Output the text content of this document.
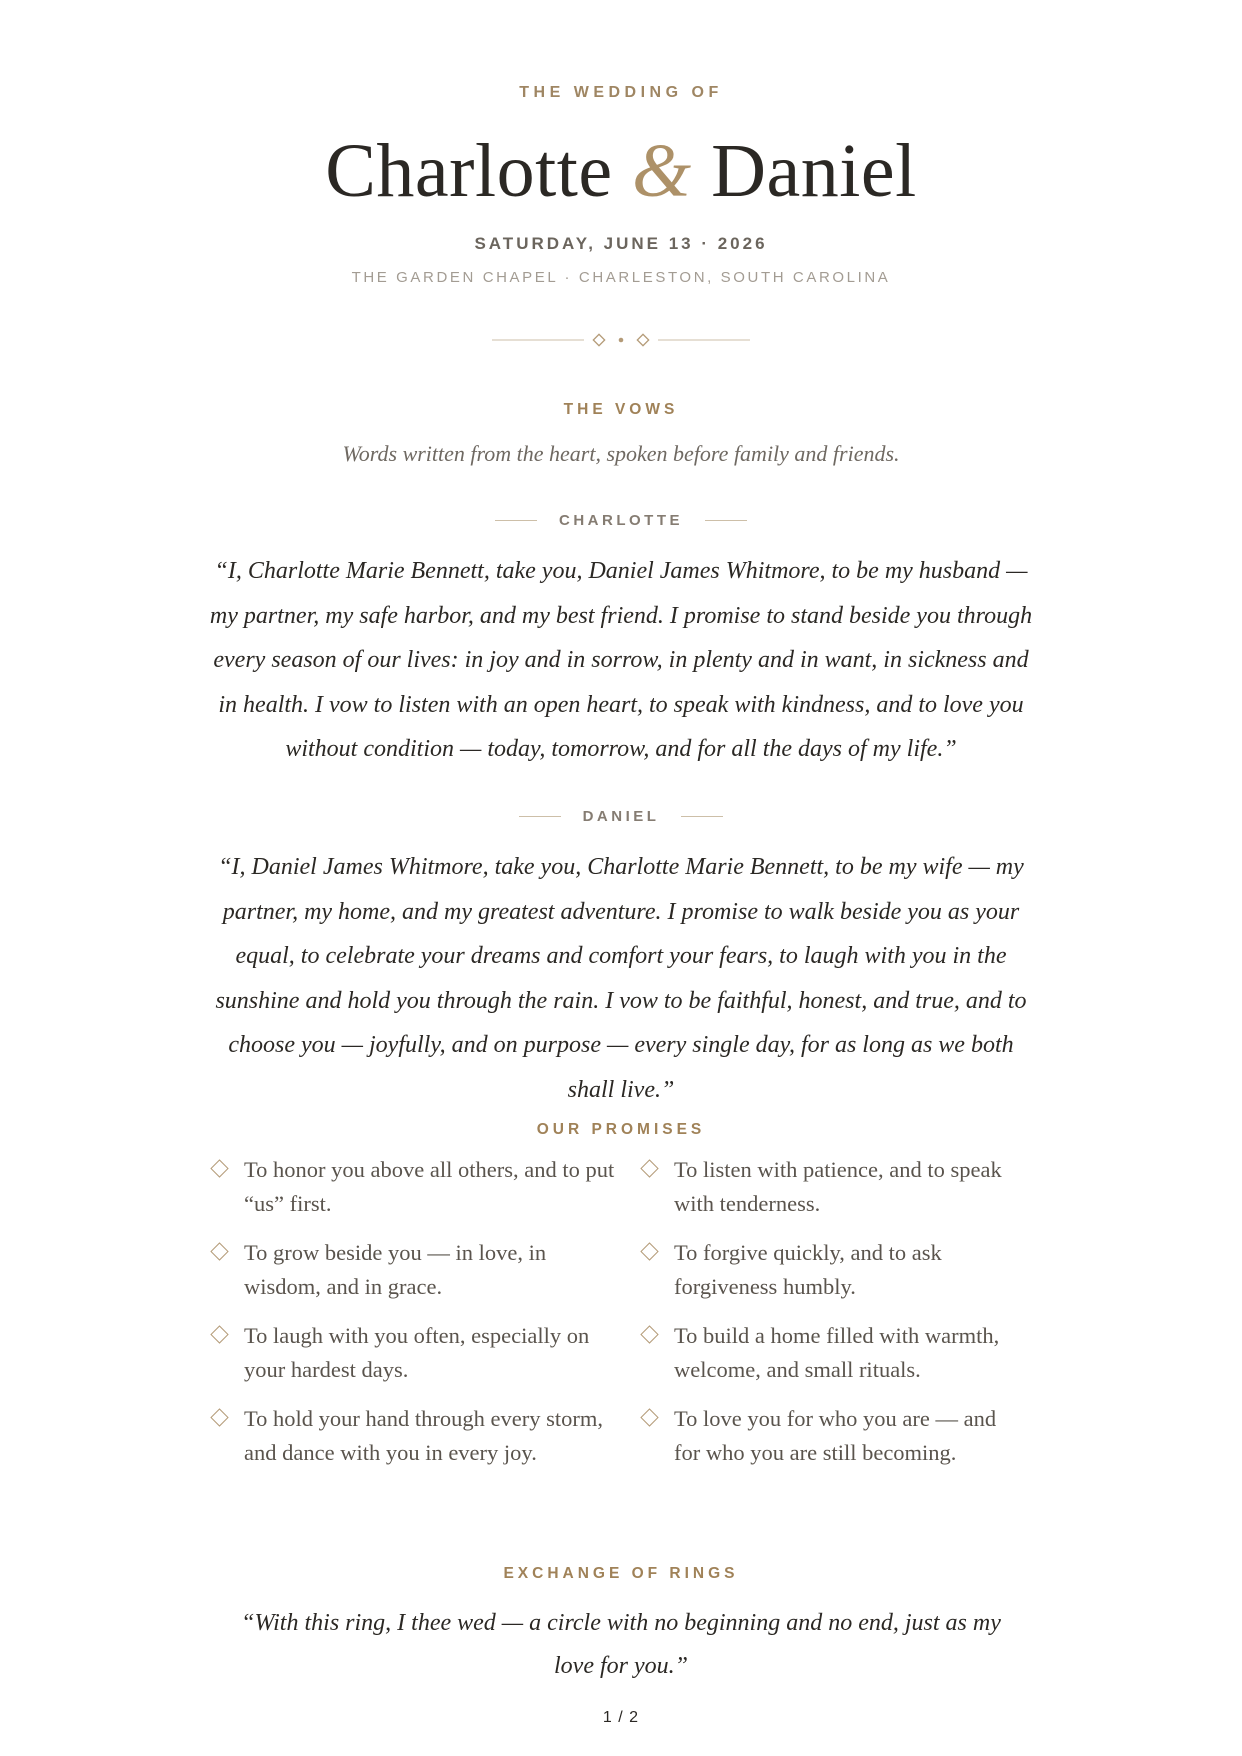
THE WEDDING OF
Charlotte & Daniel
SATURDAY, JUNE 13 · 2026
THE GARDEN CHAPEL · CHARLESTON, SOUTH CAROLINA
THE VOWS
Words written from the heart, spoken before family and friends.
CHARLOTTE
“I, Charlotte Marie Bennett, take you, Daniel James Whitmore, to be my husband — my partner, my safe harbor, and my best friend. I promise to stand beside you through every season of our lives: in joy and in sorrow, in plenty and in want, in sickness and in health. I vow to listen with an open heart, to speak with kindness, and to love you without condition — today, tomorrow, and for all the days of my life.”
DANIEL
“I, Daniel James Whitmore, take you, Charlotte Marie Bennett, to be my wife — my partner, my home, and my greatest adventure. I promise to walk beside you as your equal, to celebrate your dreams and comfort your fears, to laugh with you in the sunshine and hold you through the rain. I vow to be faithful, honest, and true, and to choose you — joyfully, and on purpose — every single day, for as long as we both shall live.”
OUR PROMISES
To honor you above all others, and to put “us” first.
To listen with patience, and to speak with tenderness.
To grow beside you — in love, in wisdom, and in grace.
To forgive quickly, and to ask forgiveness humbly.
To laugh with you often, especially on your hardest days.
To build a home filled with warmth, welcome, and small rituals.
To hold your hand through every storm, and dance with you in every joy.
To love you for who you are — and for who you are still becoming.
EXCHANGE OF RINGS
“With this ring, I thee wed — a circle with no beginning and no end, just as my love for you.”
1 / 2
